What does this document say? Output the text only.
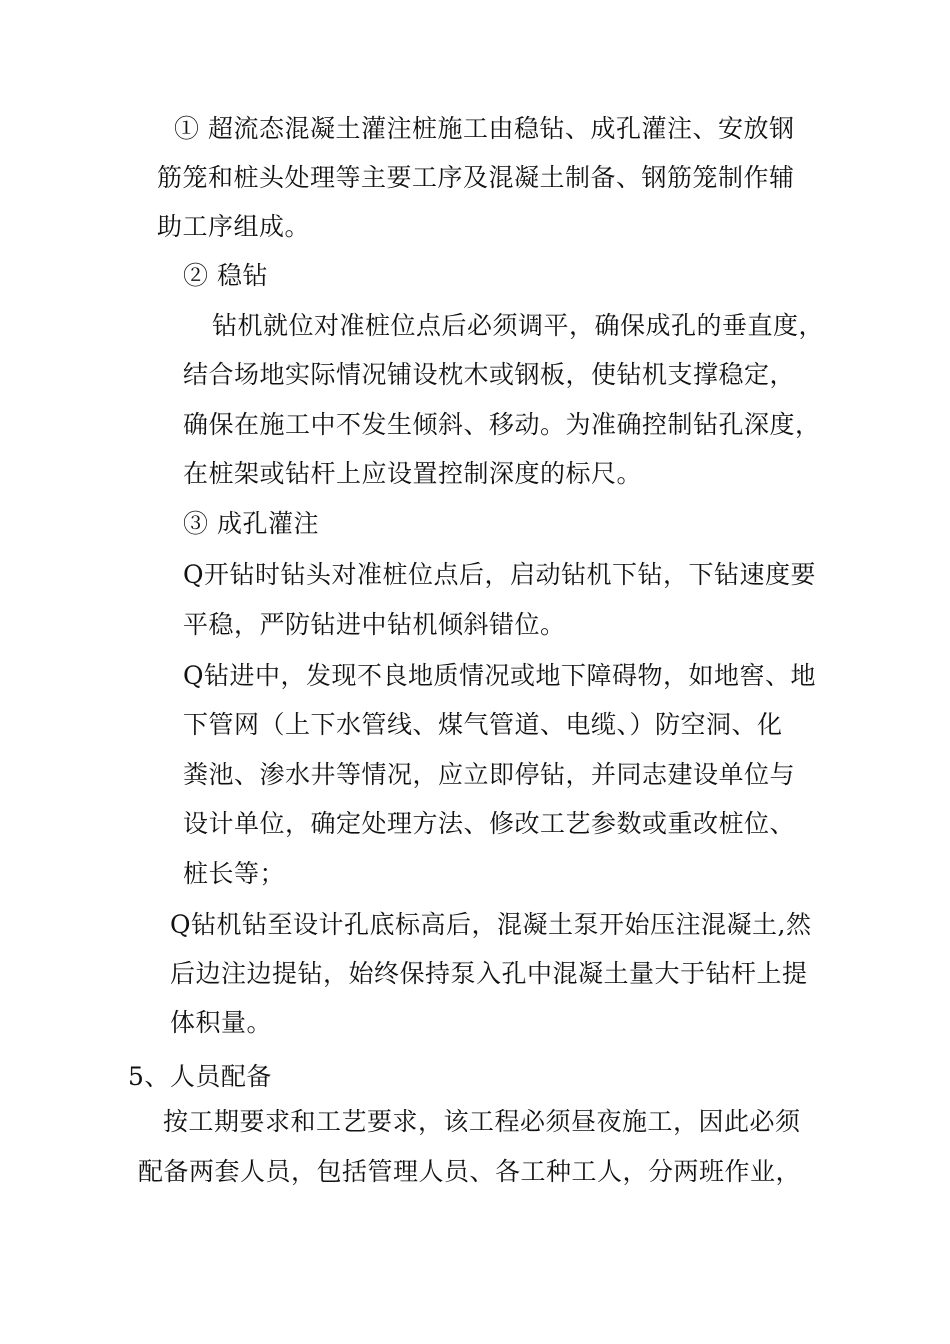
① 超流态混凝土灌注桩施工由稳钻、成孔灌注、安放钢
筋笼和桩头处理等主要工序及混凝土制备、钢筋笼制作辅
助工序组成。
② 稳钻
钻机就位对准桩位点后必须调平，确保成孔的垂直度，
结合场地实际情况铺设枕木或钢板，使钻机支撑稳定，
确保在施工中不发生倾斜、移动。为准确控制钻孔深度，
在桩架或钻杆上应设置控制深度的标尺。
③ 成孔灌注
Q开钻时钻头对准桩位点后，启动钻机下钻，下钻速度要
平稳，严防钻进中钻机倾斜错位。
Q钻进中，发现不良地质情况或地下障碍物，如地窖、地
下管网（上下水管线、煤气管道、电缆、）防空洞、化
粪池、渗水井等情况，应立即停钻，并同志建设单位与
设计单位，确定处理方法、修改工艺参数或重改桩位、
桩长等；
Q钻机钻至设计孔底标高后，混凝土泵开始压注混凝土,然
后边注边提钻，始终保持泵入孔中混凝土量大于钻杆上提
体积量。
5、人员配备
按工期要求和工艺要求，该工程必须昼夜施工，因此必须
配备两套人员，包括管理人员、各工种工人，分两班作业，
